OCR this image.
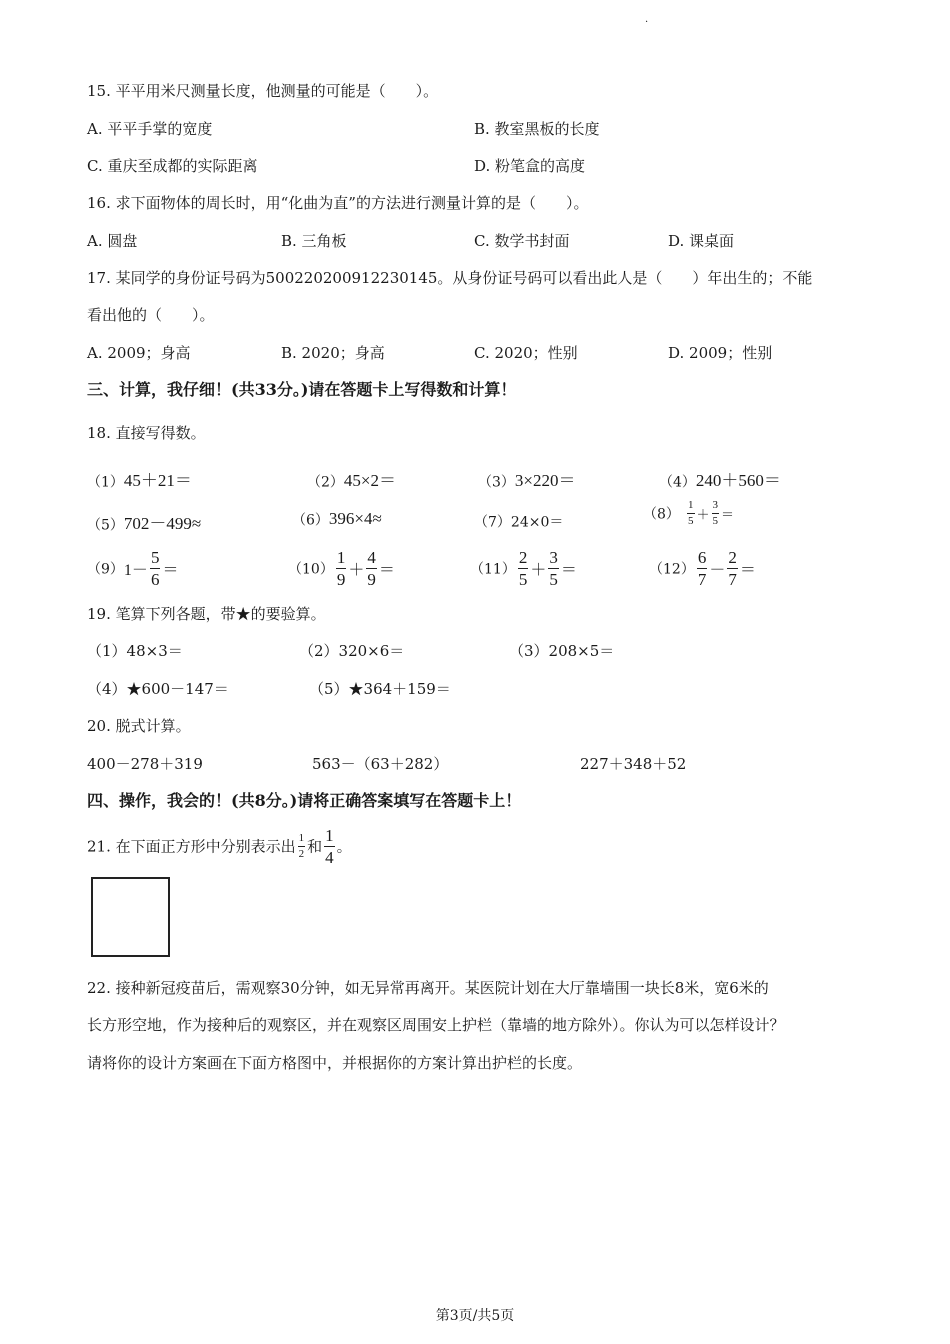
.
15. 平平用米尺测量长度，他测量的可能是（　　）。
A. 平平手掌的宽度	B. 教室黑板的长度
C. 重庆至成都的实际距离	D. 粉笔盒的高度
16. 求下面物体的周长时，用“化曲为直”的方法进行测量计算的是（　　）。
A. 圆盘	B. 三角板	C. 数学书封面	D. 课桌面
17. 某同学的身份证号码为500220200912230145。从身份证号码可以看出此人是（　　）年出生的；不能
看出他的（　　）。
A. 2009；身高	B. 2020；身高	C. 2020；性别	D. 2009；性别
三、计算，我仔细！(共33分。)请在答题卡上写得数和计算！
18. 直接写得数。
（1）45＋21＝	（2）45×2＝	（3）3×220＝	（4）240＋560＝
（5）702－499≈	（6）396×4≈	（7）24×0＝	$(8) \frac{1}{5} + \frac{3}{5}$ ＝
$(9)1- \frac{5}{6}$ ＝	$(10) \frac{1}{9} + \frac{4}{9}$ ＝	$(11) \frac{2}{5} + \frac{3}{5}$ ＝	$(12) \frac{6}{7} - \frac{2}{7}$ ＝
19. 笔算下列各题，带★的要验算。
（1）48×3＝	（2）320×6＝	（3）208×5＝
（4）★600－147＝	（5）★364＋159＝
20. 脱式计算。
400－278＋319	563－（63＋282）	227＋348＋52
四、操作，我会的！(共8分。)请将正确答案填写在答题卡上！
21. 在下面正方形中分别表示出 $\frac{1}{2}$ 和 $\frac{1}{4}$ 。
22. 接种新冠疫苗后，需观察30分钟，如无异常再离开。某医院计划在大厅靠墙围一块长8米，宽6米的
长方形空地，作为接种后的观察区，并在观察区周围安上护栏（靠墙的地方除外）。你认为可以怎样设计？
请将你的设计方案画在下面方格图中，并根据你的方案计算出护栏的长度。
第3页/共5页
